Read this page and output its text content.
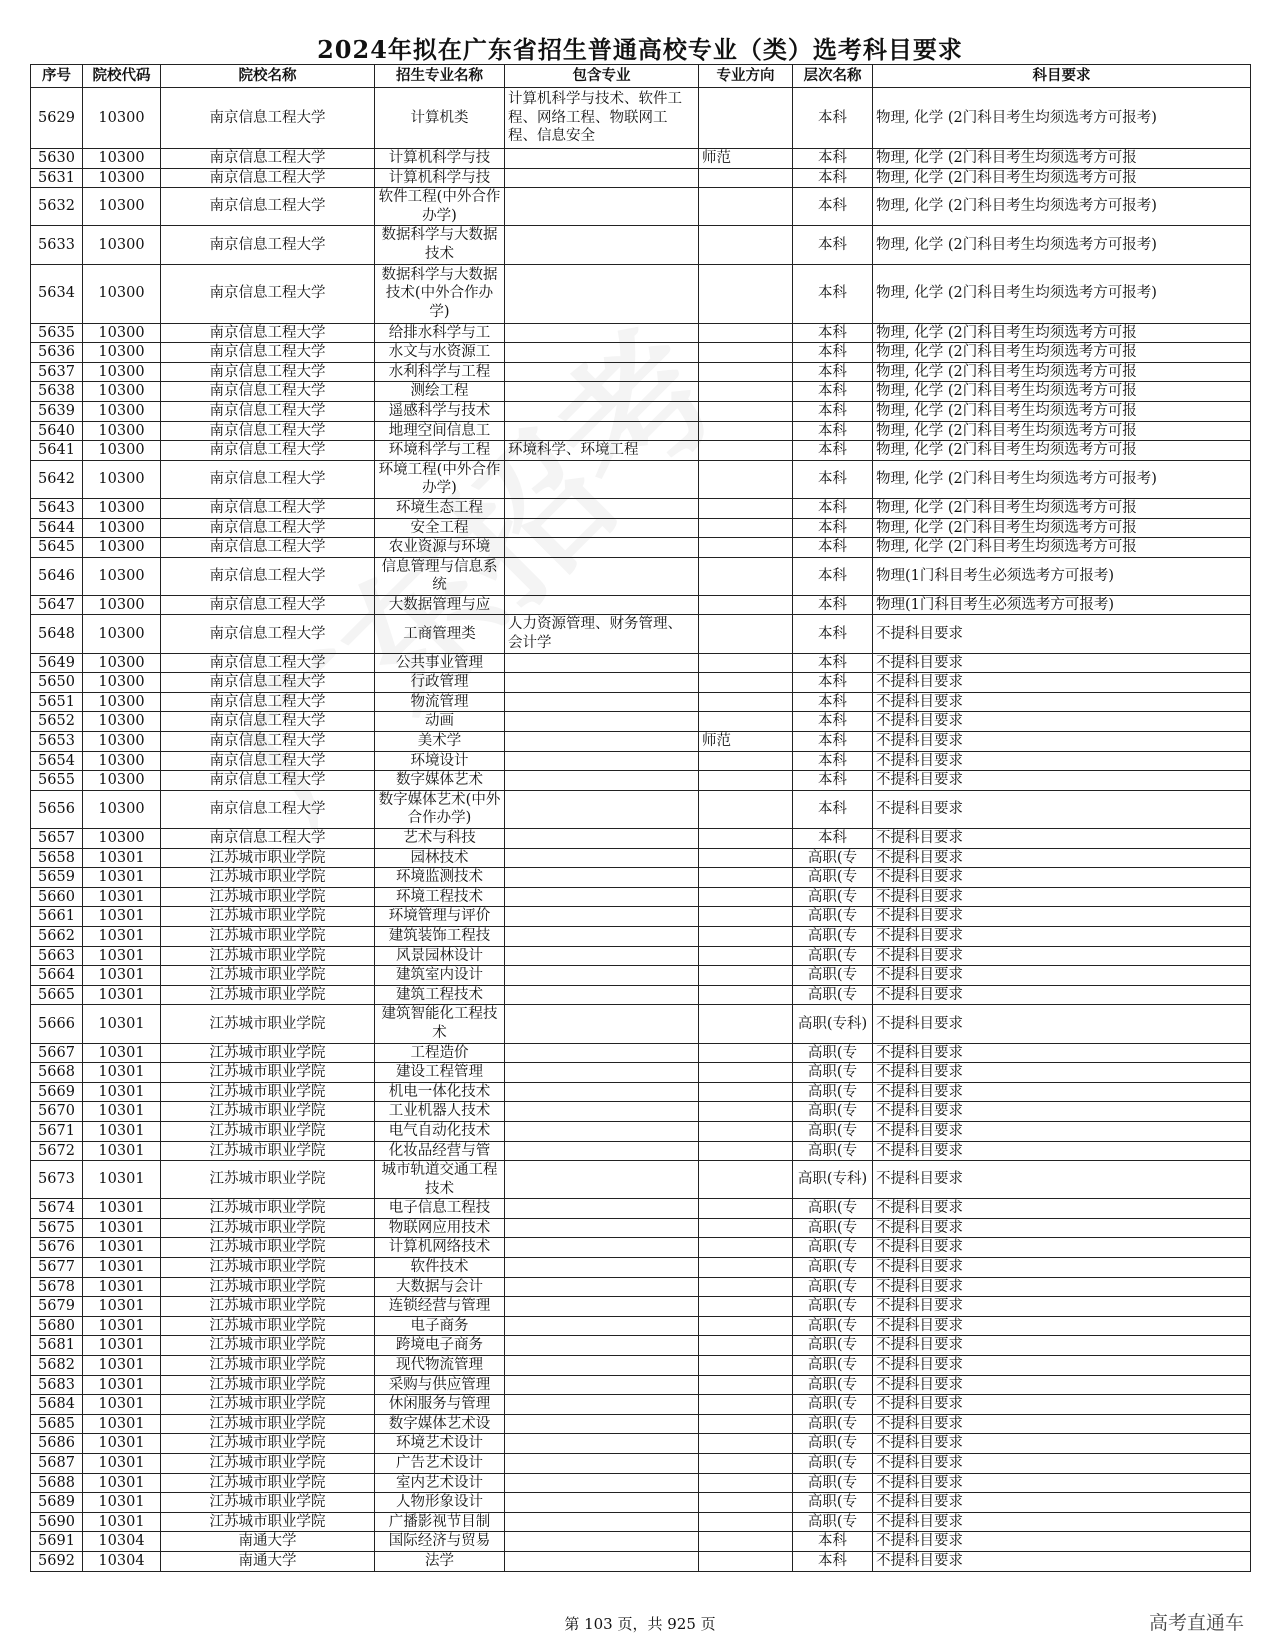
2024年拟在广东省招生普通高校专业（类）选考科目要求
序号	院校代码	院校名称	招生专业名称	包含专业	专业方向	层次名称	科目要求
5629	10300	南京信息工程大学	计算机类	计算机科学与技术、软件工程、网络工程、物联网工程、信息安全		本科	物理, 化学 (2门科目考生均须选考方可报考)
5630	10300	南京信息工程大学	计算机科学与技		师范	本科	物理, 化学 (2门科目考生均须选考方可报
5631	10300	南京信息工程大学	计算机科学与技			本科	物理, 化学 (2门科目考生均须选考方可报
5632	10300	南京信息工程大学	软件工程(中外合作办学)			本科	物理, 化学 (2门科目考生均须选考方可报考)
5633	10300	南京信息工程大学	数据科学与大数据技术			本科	物理, 化学 (2门科目考生均须选考方可报考)
5634	10300	南京信息工程大学	数据科学与大数据技术(中外合作办学)			本科	物理, 化学 (2门科目考生均须选考方可报考)
5635	10300	南京信息工程大学	给排水科学与工			本科	物理, 化学 (2门科目考生均须选考方可报
5636	10300	南京信息工程大学	水文与水资源工			本科	物理, 化学 (2门科目考生均须选考方可报
5637	10300	南京信息工程大学	水利科学与工程			本科	物理, 化学 (2门科目考生均须选考方可报
5638	10300	南京信息工程大学	测绘工程			本科	物理, 化学 (2门科目考生均须选考方可报
5639	10300	南京信息工程大学	遥感科学与技术			本科	物理, 化学 (2门科目考生均须选考方可报
5640	10300	南京信息工程大学	地理空间信息工			本科	物理, 化学 (2门科目考生均须选考方可报
5641	10300	南京信息工程大学	环境科学与工程	环境科学、环境工程		本科	物理, 化学 (2门科目考生均须选考方可报
5642	10300	南京信息工程大学	环境工程(中外合作办学)			本科	物理, 化学 (2门科目考生均须选考方可报考)
5643	10300	南京信息工程大学	环境生态工程			本科	物理, 化学 (2门科目考生均须选考方可报
5644	10300	南京信息工程大学	安全工程			本科	物理, 化学 (2门科目考生均须选考方可报
5645	10300	南京信息工程大学	农业资源与环境			本科	物理, 化学 (2门科目考生均须选考方可报
5646	10300	南京信息工程大学	信息管理与信息系统			本科	物理(1门科目考生必须选考方可报考)
5647	10300	南京信息工程大学	大数据管理与应			本科	物理(1门科目考生必须选考方可报考)
5648	10300	南京信息工程大学	工商管理类	人力资源管理、财务管理、会计学		本科	不提科目要求
5649	10300	南京信息工程大学	公共事业管理			本科	不提科目要求
5650	10300	南京信息工程大学	行政管理			本科	不提科目要求
5651	10300	南京信息工程大学	物流管理			本科	不提科目要求
5652	10300	南京信息工程大学	动画			本科	不提科目要求
5653	10300	南京信息工程大学	美术学		师范	本科	不提科目要求
5654	10300	南京信息工程大学	环境设计			本科	不提科目要求
5655	10300	南京信息工程大学	数字媒体艺术			本科	不提科目要求
5656	10300	南京信息工程大学	数字媒体艺术(中外合作办学)			本科	不提科目要求
5657	10300	南京信息工程大学	艺术与科技			本科	不提科目要求
5658	10301	江苏城市职业学院	园林技术			高职(专	不提科目要求
5659	10301	江苏城市职业学院	环境监测技术			高职(专	不提科目要求
5660	10301	江苏城市职业学院	环境工程技术			高职(专	不提科目要求
5661	10301	江苏城市职业学院	环境管理与评价			高职(专	不提科目要求
5662	10301	江苏城市职业学院	建筑装饰工程技			高职(专	不提科目要求
5663	10301	江苏城市职业学院	风景园林设计			高职(专	不提科目要求
5664	10301	江苏城市职业学院	建筑室内设计			高职(专	不提科目要求
5665	10301	江苏城市职业学院	建筑工程技术			高职(专	不提科目要求
5666	10301	江苏城市职业学院	建筑智能化工程技术			高职(专科)	不提科目要求
5667	10301	江苏城市职业学院	工程造价			高职(专	不提科目要求
5668	10301	江苏城市职业学院	建设工程管理			高职(专	不提科目要求
5669	10301	江苏城市职业学院	机电一体化技术			高职(专	不提科目要求
5670	10301	江苏城市职业学院	工业机器人技术			高职(专	不提科目要求
5671	10301	江苏城市职业学院	电气自动化技术			高职(专	不提科目要求
5672	10301	江苏城市职业学院	化妆品经营与管			高职(专	不提科目要求
5673	10301	江苏城市职业学院	城市轨道交通工程技术			高职(专科)	不提科目要求
5674	10301	江苏城市职业学院	电子信息工程技			高职(专	不提科目要求
5675	10301	江苏城市职业学院	物联网应用技术			高职(专	不提科目要求
5676	10301	江苏城市职业学院	计算机网络技术			高职(专	不提科目要求
5677	10301	江苏城市职业学院	软件技术			高职(专	不提科目要求
5678	10301	江苏城市职业学院	大数据与会计			高职(专	不提科目要求
5679	10301	江苏城市职业学院	连锁经营与管理			高职(专	不提科目要求
5680	10301	江苏城市职业学院	电子商务			高职(专	不提科目要求
5681	10301	江苏城市职业学院	跨境电子商务			高职(专	不提科目要求
5682	10301	江苏城市职业学院	现代物流管理			高职(专	不提科目要求
5683	10301	江苏城市职业学院	采购与供应管理			高职(专	不提科目要求
5684	10301	江苏城市职业学院	休闲服务与管理			高职(专	不提科目要求
5685	10301	江苏城市职业学院	数字媒体艺术设			高职(专	不提科目要求
5686	10301	江苏城市职业学院	环境艺术设计			高职(专	不提科目要求
5687	10301	江苏城市职业学院	广告艺术设计			高职(专	不提科目要求
5688	10301	江苏城市职业学院	室内艺术设计			高职(专	不提科目要求
5689	10301	江苏城市职业学院	人物形象设计			高职(专	不提科目要求
5690	10301	江苏城市职业学院	广播影视节目制			高职(专	不提科目要求
5691	10304	南通大学	国际经济与贸易			本科	不提科目要求
5692	10304	南通大学	法学			本科	不提科目要求
第 103 页，共 925 页	高考直通车
